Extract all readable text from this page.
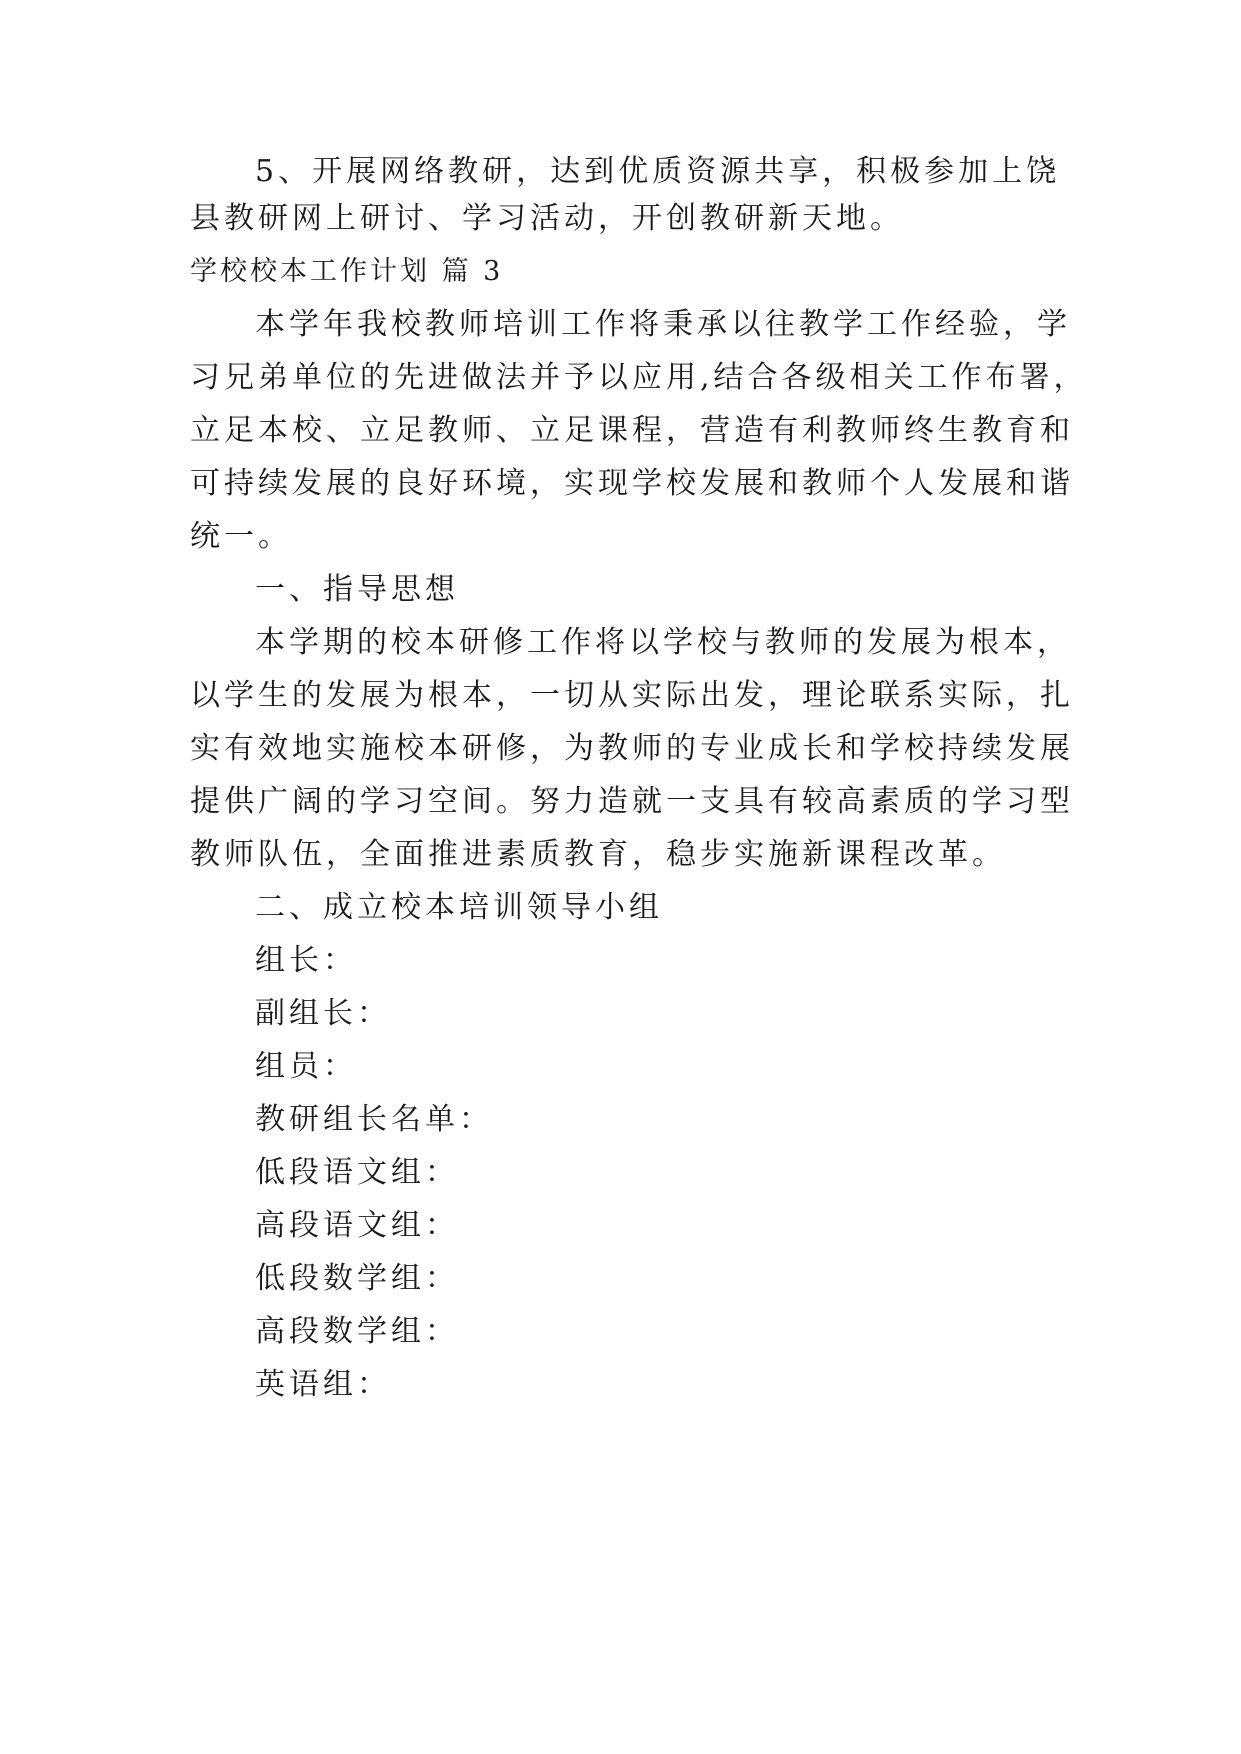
5、开展网络教研，达到优质资源共享，积极参加上饶
县教研网上研讨、学习活动，开创教研新天地。
学校校本工作计划 篇 3
本学年我校教师培训工作将秉承以往教学工作经验，学
习兄弟单位的先进做法并予以应用,结合各级相关工作布署，
立足本校、立足教师、立足课程，营造有利教师终生教育和
可持续发展的良好环境，实现学校发展和教师个人发展和谐
统一。
一、指导思想
本学期的校本研修工作将以学校与教师的发展为根本，
以学生的发展为根本，一切从实际出发，理论联系实际，扎
实有效地实施校本研修，为教师的专业成长和学校持续发展
提供广阔的学习空间。努力造就一支具有较高素质的学习型
教师队伍，全面推进素质教育，稳步实施新课程改革。
二、成立校本培训领导小组
组长：
副组长：
组员：
教研组长名单：
低段语文组：
高段语文组：
低段数学组：
高段数学组：
英语组：
